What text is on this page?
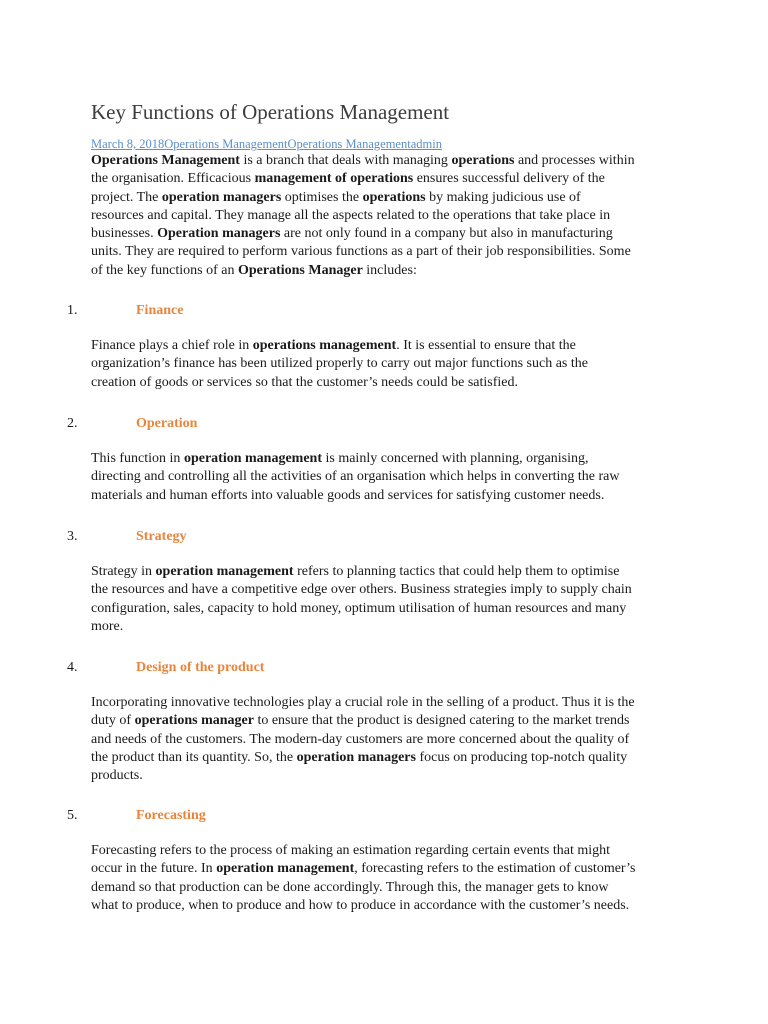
Key Functions of Operations Management
March 8, 2018Operations ManagementOperations Managementadmin

Operations Management is a branch that deals with managing operations and processes within
the organisation. Efficacious management of operations ensures successful delivery of the
project. The operation managers optimises the operations by making judicious use of
resources and capital. They manage all the aspects related to the operations that take place in
businesses. Operation managers are not only found in a company but also in manufacturing
units. They are required to perform various functions as a part of their job responsibilities. Some
of the key functions of an Operations Manager includes:

1.	Finance

Finance plays a chief role in operations management. It is essential to ensure that the
organization’s finance has been utilized properly to carry out major functions such as the
creation of goods or services so that the customer’s needs could be satisfied.

2.	Operation

This function in operation management is mainly concerned with planning, organising,
directing and controlling all the activities of an organisation which helps in converting the raw
materials and human efforts into valuable goods and services for satisfying customer needs.

3.	Strategy

Strategy in operation management refers to planning tactics that could help them to optimise
the resources and have a competitive edge over others. Business strategies imply to supply chain
configuration, sales, capacity to hold money, optimum utilisation of human resources and many
more.

4.	Design of the product

Incorporating innovative technologies play a crucial role in the selling of a product. Thus it is the
duty of operations manager to ensure that the product is designed catering to the market trends
and needs of the customers. The modern-day customers are more concerned about the quality of
the product than its quantity. So, the operation managers focus on producing top-notch quality
products.

5.	Forecasting

Forecasting refers to the process of making an estimation regarding certain events that might
occur in the future. In operation management, forecasting refers to the estimation of customer’s
demand so that production can be done accordingly. Through this, the manager gets to know
what to produce, when to produce and how to produce in accordance with the customer’s needs.
